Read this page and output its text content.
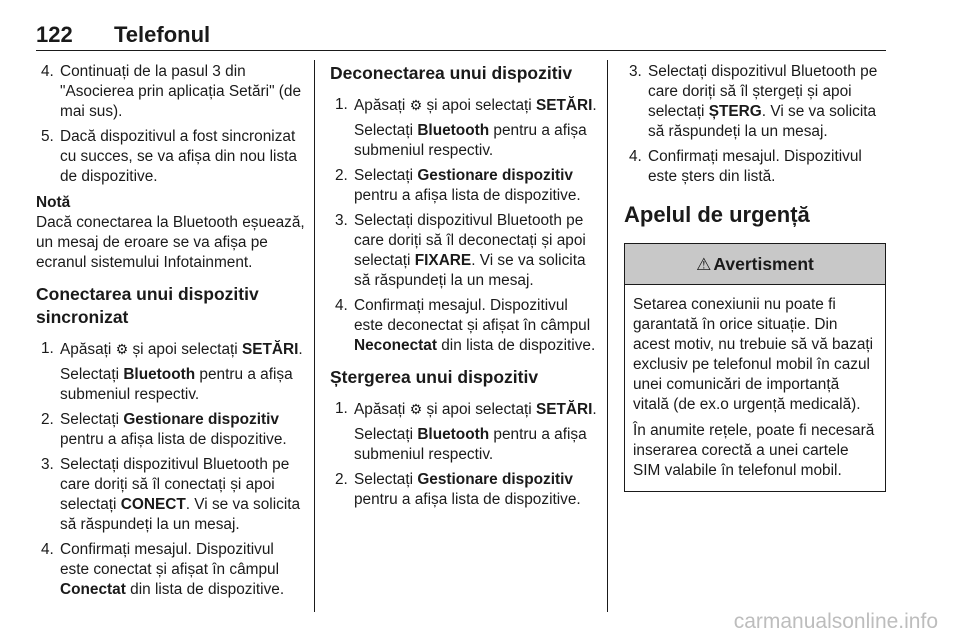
122 Telefonul
4. Continuați de la pasul 3 din "Asocierea prin aplicația Setări" (de mai sus).
5. Dacă dispozitivul a fost sincronizat cu succes, se va afișa din nou lista de dispozitive.
Notă
Dacă conectarea la Bluetooth eșuează, un mesaj de eroare se va afișa pe ecranul sistemului Infotainment.
Conectarea unui dispozitiv sincronizat
1. Apăsați ⚙ și apoi selectați SETĂRI.
Selectați Bluetooth pentru a afișa submeniul respectiv.
2. Selectați Gestionare dispozitiv pentru a afișa lista de dispozitive.
3. Selectați dispozitivul Bluetooth pe care doriți să îl conectați și apoi selectați CONECT. Vi se va solicita să răspundeți la un mesaj.
4. Confirmați mesajul. Dispozitivul este conectat și afișat în câmpul Conectat din lista de dispozitive.
Deconectarea unui dispozitiv
1. Apăsați ⚙ și apoi selectați SETĂRI.
Selectați Bluetooth pentru a afișa submeniul respectiv.
2. Selectați Gestionare dispozitiv pentru a afișa lista de dispozitive.
3. Selectați dispozitivul Bluetooth pe care doriți să îl deconectați și apoi selectați FIXARE. Vi se va solicita să răspundeți la un mesaj.
4. Confirmați mesajul. Dispozitivul este deconectat și afișat în câmpul Neconectat din lista de dispozitive.
Ștergerea unui dispozitiv
1. Apăsați ⚙ și apoi selectați SETĂRI.
Selectați Bluetooth pentru a afișa submeniul respectiv.
2. Selectați Gestionare dispozitiv pentru a afișa lista de dispozitive.
3. Selectați dispozitivul Bluetooth pe care doriți să îl ștergeți și apoi selectați ȘTERG. Vi se va solicita să răspundeți la un mesaj.
4. Confirmați mesajul. Dispozitivul este șters din listă.
Apelul de urgență
⚠ Avertisment

Setarea conexiunii nu poate fi garantată în orice situație. Din acest motiv, nu trebuie să vă bazați exclusiv pe telefonul mobil în cazul unei comunicări de importanță vitală (de ex.o urgență medicală).

În anumite rețele, poate fi necesară inserarea corectă a unei cartele SIM valabile în telefonul mobil.

carmanualsonline.info
